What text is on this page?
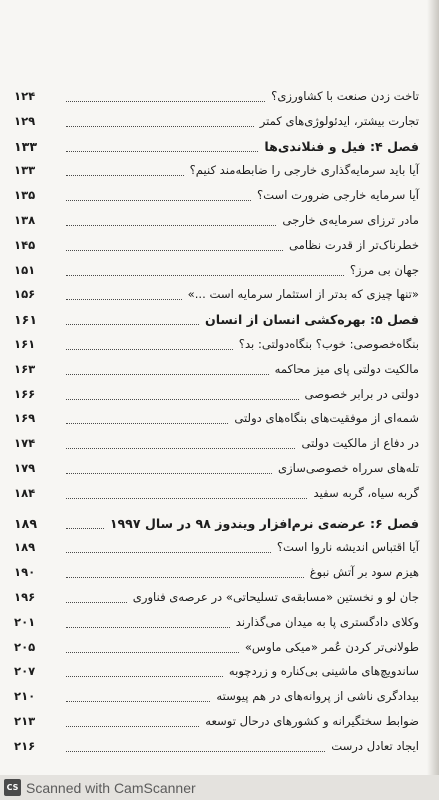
۱۲۴	تاخت زدن صنعت با کشاورزی؟
۱۲۹	تجارت بیشتر، ایدئولوژی‌های کمتر
۱۳۳	فصل ۴: فیل و فنلاندی‌ها
۱۳۳	آیا باید سرمایه‌گذاری خارجی را ضابطه‌مند کنیم؟
۱۳۵	آیا سرمایه خارجی ضرورت است؟
۱۳۸	مادر ترزای سرمایه‌ی خارجی
۱۴۵	خطرناک‌تر از قدرت نظامی
۱۵۱	جهان بی مرز؟
۱۵۶	«تنها چیزی که بدتر از استثمار سرمایه است ...»
۱۶۱	فصل ۵: بهره‌کشی انسان از انسان
۱۶۱	بنگاه‌خصوصی: خوب؟ بنگاه‌دولتی: بد؟
۱۶۳	مالکیت دولتی پای میز محاکمه
۱۶۶	دولتی در برابر خصوصی
۱۶۹	شمه‌ای از موفقیت‌های بنگاه‌های دولتی
۱۷۴	در دفاع از مالکیت دولتی
۱۷۹	تله‌های سرراه خصوصی‌سازی
۱۸۴	گربه سیاه، گربه سفید
۱۸۹	فصل ۶: عرضه‌ی نرم‌افزار ویندوز ۹۸ در سال ۱۹۹۷
۱۸۹	آیا اقتباس اندیشه ناروا است؟
۱۹۰	هیزم سود بر آتش نبوغ
۱۹۶	جان لو و نخستین «مسابقه‌ی تسلیحاتی» در عرصه‌ی فناوری
۲۰۱	وکلای دادگستری پا به میدان می‌گذارند
۲۰۵	طولانی‌تر کردن عُمر «میکی ماوس»
۲۰۷	ساندویچ‌های ماشینی بی‌کناره و زردچوبه
۲۱۰	بیدادگری ناشی از پروانه‌های در هم پیوسته
۲۱۳	ضوابط سختگیرانه و کشورهای درحال توسعه
۲۱۶	ایجاد تعادل درست
CS Scanned with CamScanner
